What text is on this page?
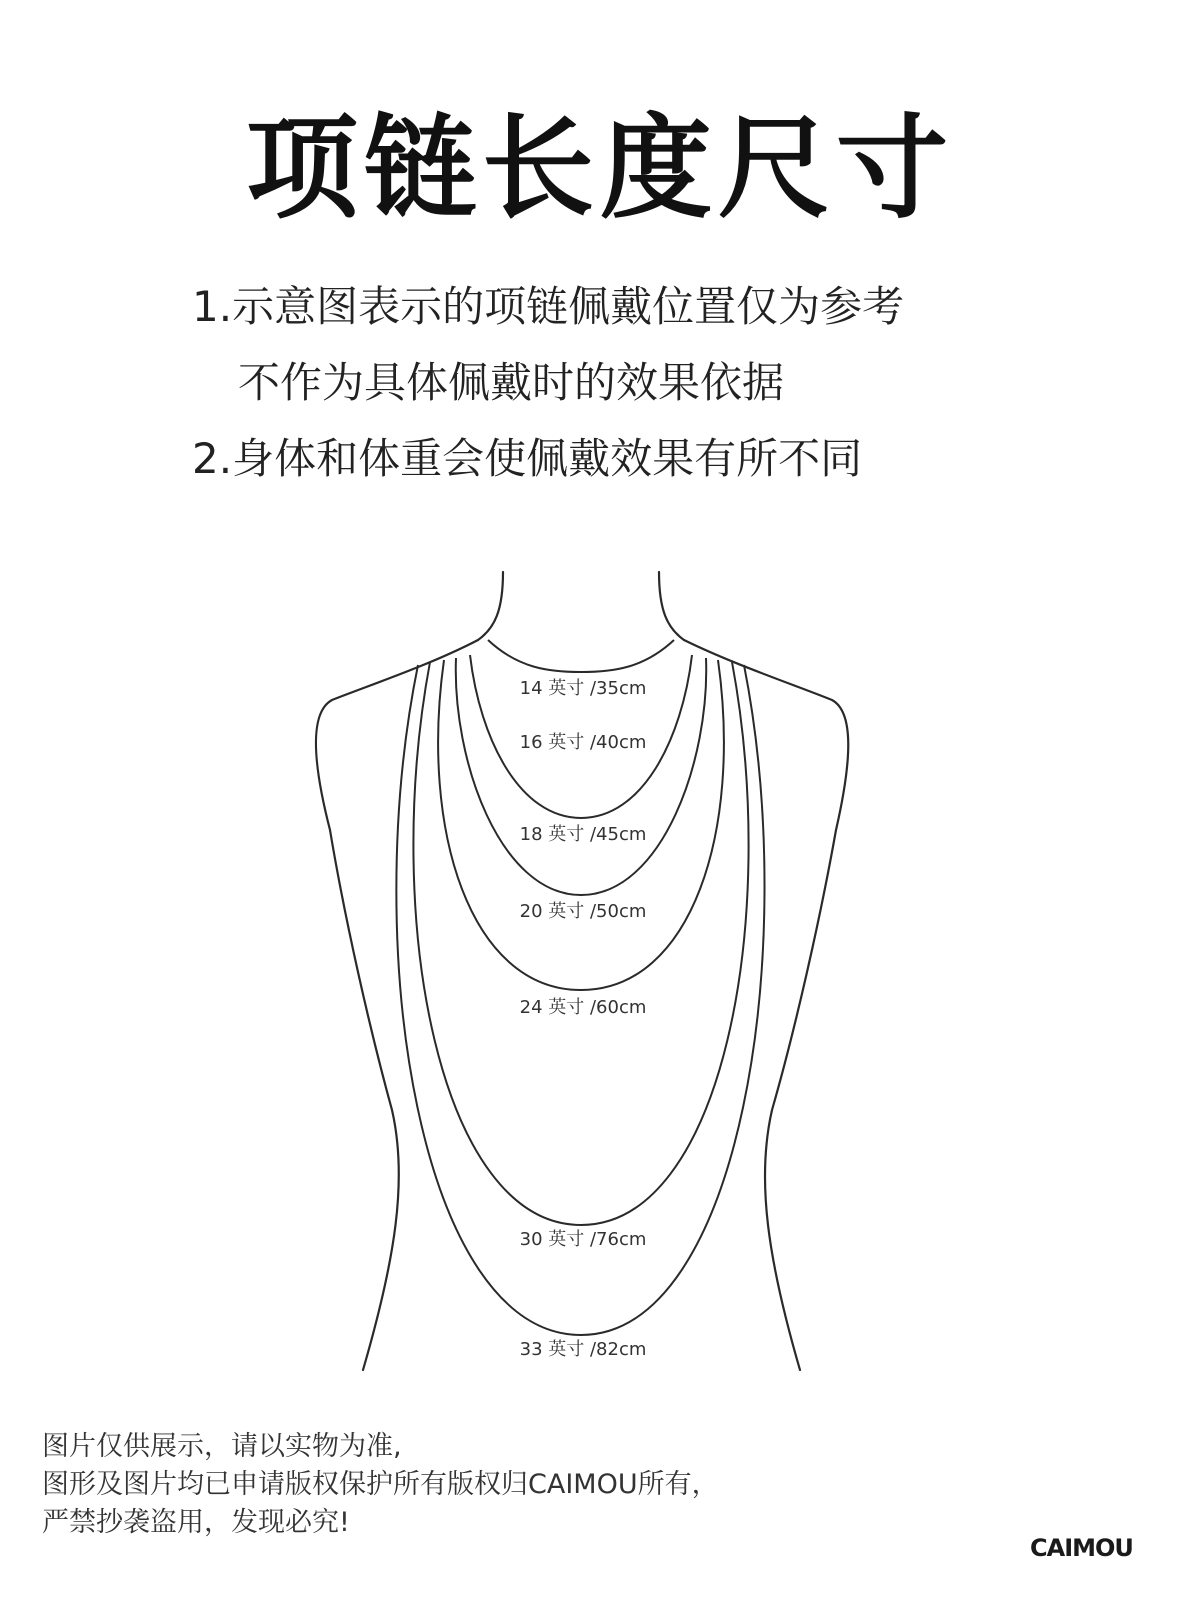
项链长度尺寸
1.示意图表示的项链佩戴位置仅为参考
不作为具体佩戴时的效果依据
2.身体和体重会使佩戴效果有所不同
14 英寸 /35cm
16 英寸 /40cm
18 英寸 /45cm
20 英寸 /50cm
24 英寸 /60cm
30 英寸 /76cm
33 英寸 /82cm
图片仅供展示，请以实物为准,
图形及图片均已申请版权保护所有版权归CAIMOU所有，
严禁抄袭盗用，发现必究!
CAIMOU
